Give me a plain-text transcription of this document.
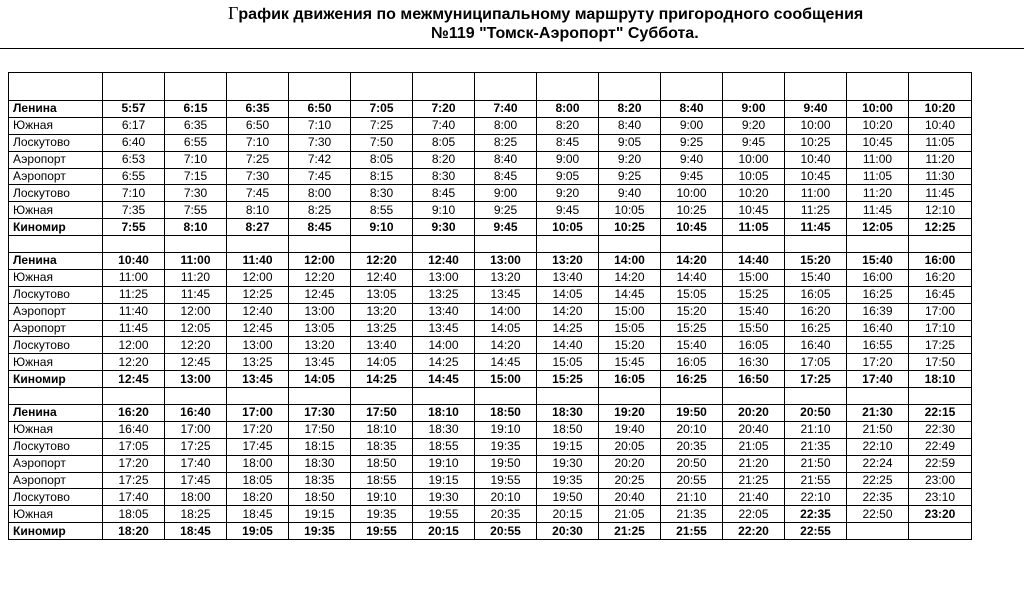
График движения по межмуниципальному маршруту пригородного сообщения
№119 "Томск-Аэропорт" Суббота.

Ленина	5:57	6:15	6:35	6:50	7:05	7:20	7:40	8:00	8:20	8:40	9:00	9:40	10:00	10:20
Южная	6:17	6:35	6:50	7:10	7:25	7:40	8:00	8:20	8:40	9:00	9:20	10:00	10:20	10:40
Лоскутово	6:40	6:55	7:10	7:30	7:50	8:05	8:25	8:45	9:05	9:25	9:45	10:25	10:45	11:05
Аэропорт	6:53	7:10	7:25	7:42	8:05	8:20	8:40	9:00	9:20	9:40	10:00	10:40	11:00	11:20
Аэропорт	6:55	7:15	7:30	7:45	8:15	8:30	8:45	9:05	9:25	9:45	10:05	10:45	11:05	11:30
Лоскутово	7:10	7:30	7:45	8:00	8:30	8:45	9:00	9:20	9:40	10:00	10:20	11:00	11:20	11:45
Южная	7:35	7:55	8:10	8:25	8:55	9:10	9:25	9:45	10:05	10:25	10:45	11:25	11:45	12:10
Киномир	7:55	8:10	8:27	8:45	9:10	9:30	9:45	10:05	10:25	10:45	11:05	11:45	12:05	12:25

Ленина	10:40	11:00	11:40	12:00	12:20	12:40	13:00	13:20	14:00	14:20	14:40	15:20	15:40	16:00
Южная	11:00	11:20	12:00	12:20	12:40	13:00	13:20	13:40	14:20	14:40	15:00	15:40	16:00	16:20
Лоскутово	11:25	11:45	12:25	12:45	13:05	13:25	13:45	14:05	14:45	15:05	15:25	16:05	16:25	16:45
Аэропорт	11:40	12:00	12:40	13:00	13:20	13:40	14:00	14:20	15:00	15:20	15:40	16:20	16:39	17:00
Аэропорт	11:45	12:05	12:45	13:05	13:25	13:45	14:05	14:25	15:05	15:25	15:50	16:25	16:40	17:10
Лоскутово	12:00	12:20	13:00	13:20	13:40	14:00	14:20	14:40	15:20	15:40	16:05	16:40	16:55	17:25
Южная	12:20	12:45	13:25	13:45	14:05	14:25	14:45	15:05	15:45	16:05	16:30	17:05	17:20	17:50
Киномир	12:45	13:00	13:45	14:05	14:25	14:45	15:00	15:25	16:05	16:25	16:50	17:25	17:40	18:10

Ленина	16:20	16:40	17:00	17:30	17:50	18:10	18:50	18:30	19:20	19:50	20:20	20:50	21:30	22:15
Южная	16:40	17:00	17:20	17:50	18:10	18:30	19:10	18:50	19:40	20:10	20:40	21:10	21:50	22:30
Лоскутово	17:05	17:25	17:45	18:15	18:35	18:55	19:35	19:15	20:05	20:35	21:05	21:35	22:10	22:49
Аэропорт	17:20	17:40	18:00	18:30	18:50	19:10	19:50	19:30	20:20	20:50	21:20	21:50	22:24	22:59
Аэропорт	17:25	17:45	18:05	18:35	18:55	19:15	19:55	19:35	20:25	20:55	21:25	21:55	22:25	23:00
Лоскутово	17:40	18:00	18:20	18:50	19:10	19:30	20:10	19:50	20:40	21:10	21:40	22:10	22:35	23:10
Южная	18:05	18:25	18:45	19:15	19:35	19:55	20:35	20:15	21:05	21:35	22:05	22:35	22:50	23:20
Киномир	18:20	18:45	19:05	19:35	19:55	20:15	20:55	20:30	21:25	21:55	22:20	22:55		
